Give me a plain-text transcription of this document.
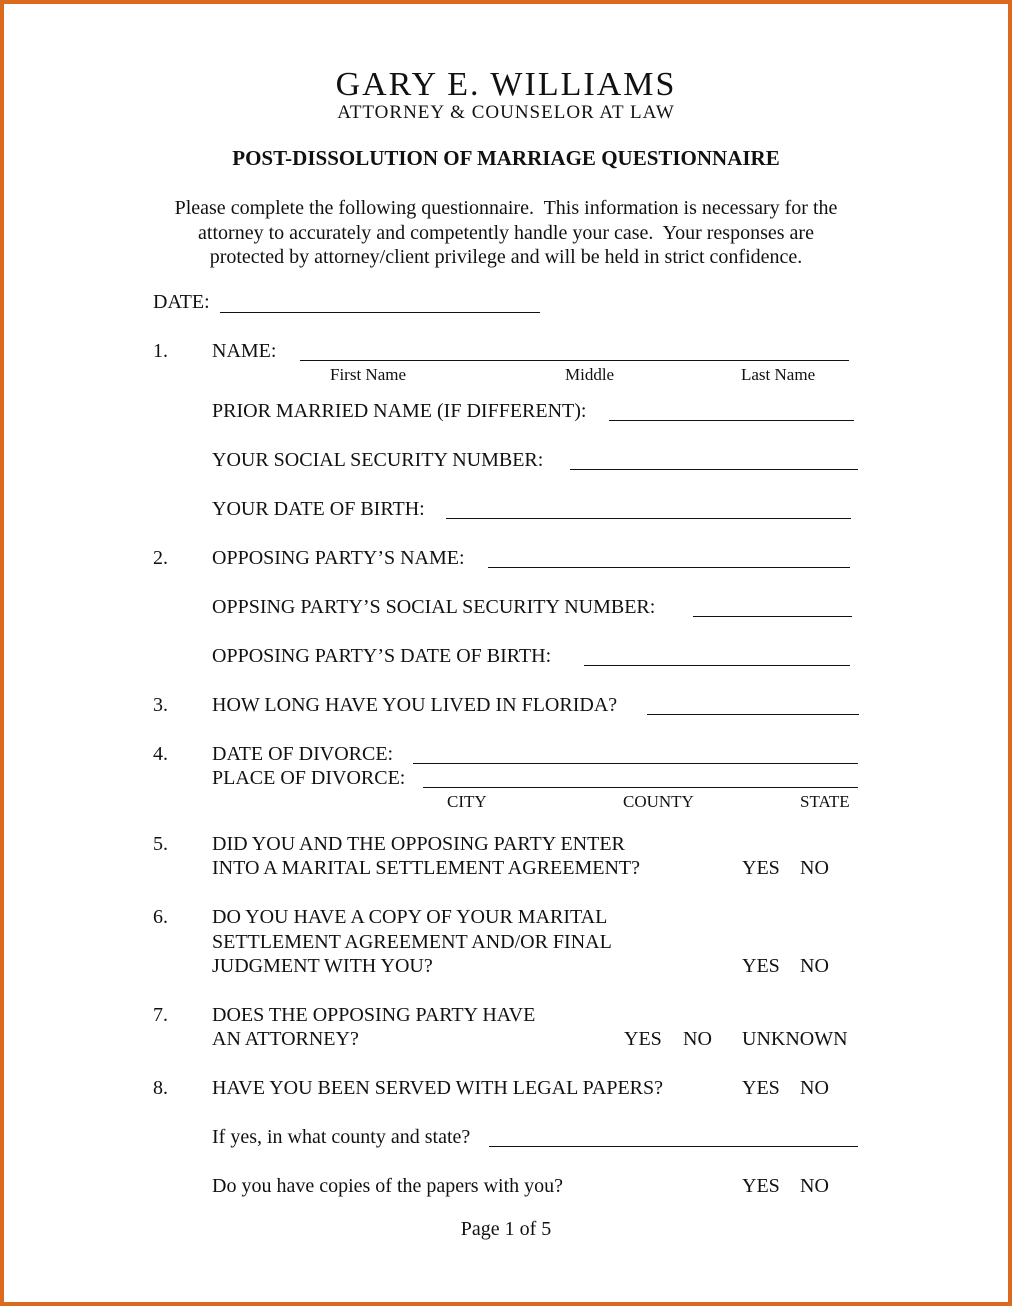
GARY E. WILLIAMS
ATTORNEY & COUNSELOR AT LAW
POST-DISSOLUTION OF MARRIAGE QUESTIONNAIRE
Please complete the following questionnaire.  This information is necessary for the
attorney to accurately and competently handle your case.  Your responses are
protected by attorney/client privilege and will be held in strict confidence.
DATE:
1. NAME:
First Name	Middle	Last Name
PRIOR MARRIED NAME (IF DIFFERENT):
YOUR SOCIAL SECURITY NUMBER:
YOUR DATE OF BIRTH:
2. OPPOSING PARTY’S NAME:
OPPSING PARTY’S SOCIAL SECURITY NUMBER:
OPPOSING PARTY’S DATE OF BIRTH:
3. HOW LONG HAVE YOU LIVED IN FLORIDA?
4. DATE OF DIVORCE:
PLACE OF DIVORCE:
CITY	COUNTY	STATE
5. DID YOU AND THE OPPOSING PARTY ENTER
INTO A MARITAL SETTLEMENT AGREEMENT?	YES NO
6. DO YOU HAVE A COPY OF YOUR MARITAL
SETTLEMENT AGREEMENT AND/OR FINAL
JUDGMENT WITH YOU?	YES NO
7. DOES THE OPPOSING PARTY HAVE
AN ATTORNEY?	YES NO UNKNOWN
8. HAVE YOU BEEN SERVED WITH LEGAL PAPERS?	YES NO
If yes, in what county and state?
Do you have copies of the papers with you?	YES NO
Page 1 of 5
